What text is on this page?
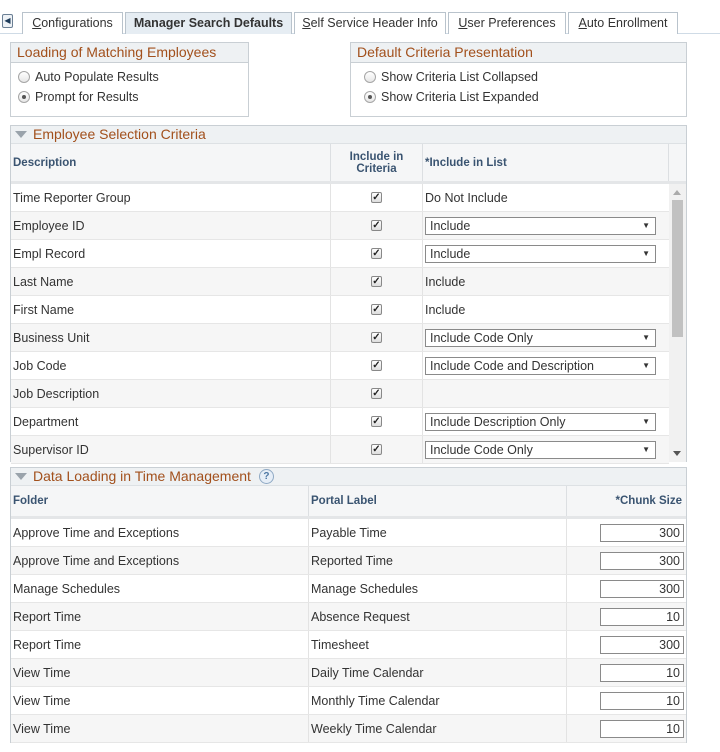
◀	Configurations	Manager Search Defaults	Self Service Header Info	User Preferences	Auto Enrollment
Loading of Matching Employees
Auto Populate Results
Prompt for Results
Default Criteria Presentation
Show Criteria List Collapsed
Show Criteria List Expanded
Employee Selection Criteria
Description	Include in Criteria	*Include in List
Time Reporter Group	✓	Do Not Include
Employee ID	✓	Include ▼
Empl Record	✓	Include ▼
Last Name	✓	Include
First Name	✓	Include
Business Unit	✓	Include Code Only ▼
Job Code	✓	Include Code and Description ▼
Job Description	✓
Department	✓	Include Description Only ▼
Supervisor ID	✓	Include Code Only ▼
Data Loading in Time Management	?
Folder	Portal Label	*Chunk Size
Approve Time and Exceptions	Payable Time	300
Approve Time and Exceptions	Reported Time	300
Manage Schedules	Manage Schedules	300
Report Time	Absence Request	10
Report Time	Timesheet	300
View Time	Daily Time Calendar	10
View Time	Monthly Time Calendar	10
View Time	Weekly Time Calendar	10
